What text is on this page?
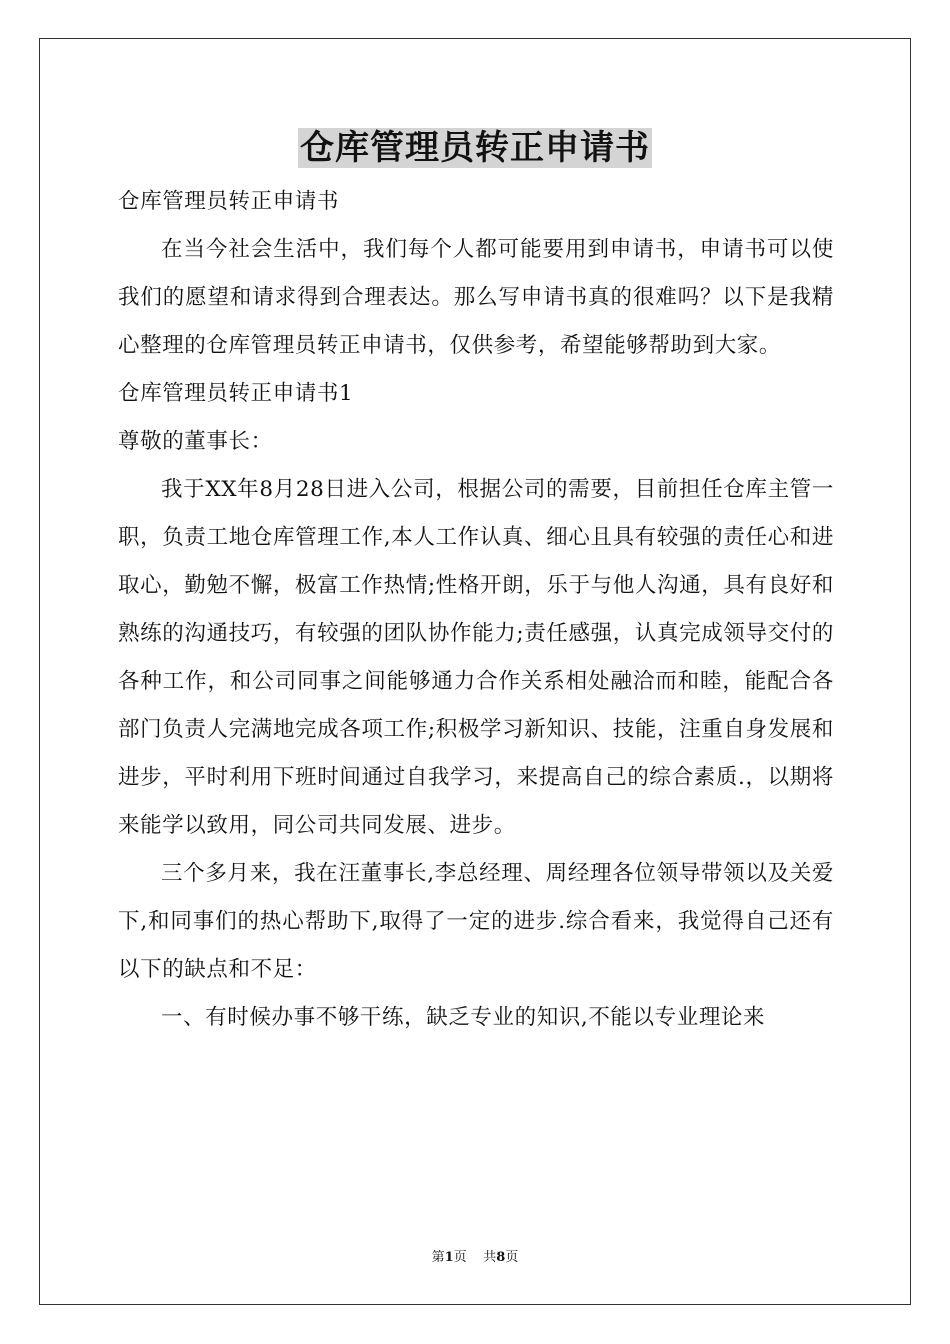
仓库管理员转正申请书

仓库管理员转正申请书

在当今社会生活中，我们每个人都可能要用到申请书，申请书可以使我们的愿望和请求得到合理表达。那么写申请书真的很难吗？以下是我精心整理的仓库管理员转正申请书，仅供参考，希望能够帮助到大家。

仓库管理员转正申请书1

尊敬的董事长：

我于XX年8月28日进入公司，根据公司的需要，目前担任仓库主管一职，负责工地仓库管理工作,本人工作认真、细心且具有较强的责任心和进取心，勤勉不懈，极富工作热情;性格开朗，乐于与他人沟通，具有良好和熟练的沟通技巧，有较强的团队协作能力;责任感强，认真完成领导交付的各种工作，和公司同事之间能够通力合作关系相处融洽而和睦，能配合各部门负责人完满地完成各项工作;积极学习新知识、技能，注重自身发展和进步，平时利用下班时间通过自我学习，来提高自己的综合素质.，以期将来能学以致用，同公司共同发展、进步。

三个多月来，我在汪董事长,李总经理、周经理各位领导带领以及关爱下,和同事们的热心帮助下,取得了一定的进步.综合看来，我觉得自己还有以下的缺点和不足：

一、有时候办事不够干练，缺乏专业的知识,不能以专业理论来

第1页 共8页
